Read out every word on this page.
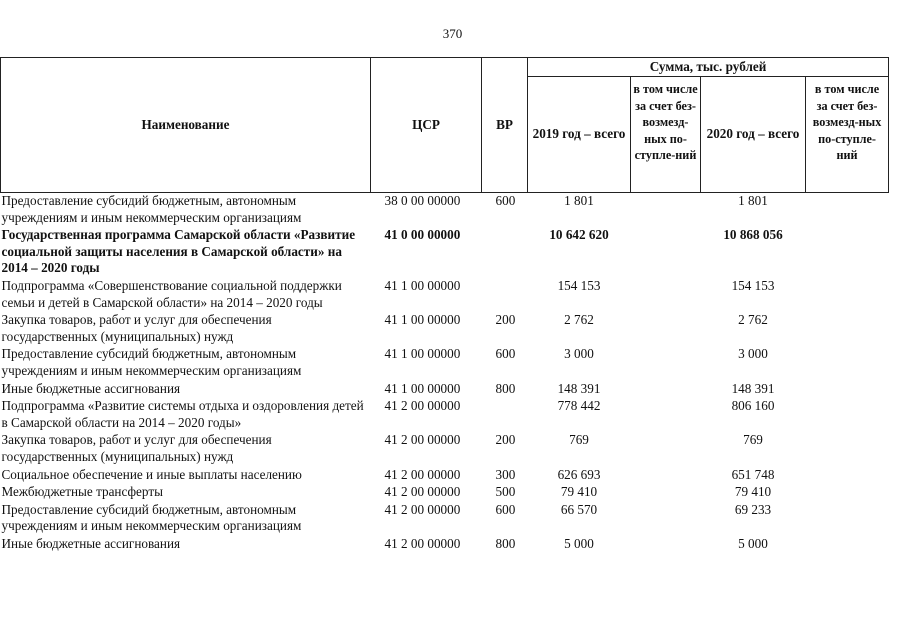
370
Наименование	ЦСР	ВР	Сумма, тыс. рублей			
			2019 год – всего	в том числе за счет без-возмезд-ных по-ступле-ний	2020 год – всего	в том числе за счет без-возмезд-ных по-ступле-ний
Предоставление субсидий бюджетным, автономным учреждениям и иным некоммерческим организациям	38 0 00 00000	600	1 801		1 801	
Государственная программа Самарской области «Развитие социальной защиты населения в Самарской области» на 2014 – 2020 годы	41 0 00 00000		10 642 620		10 868 056	
Подпрограмма «Совершенствование социальной поддержки семьи и детей в Самарской области» на 2014 – 2020 годы	41 1 00 00000		154 153		154 153	
Закупка товаров, работ и услуг для обеспечения государственных (муниципальных) нужд	41 1 00 00000	200	2 762		2 762	
Предоставление субсидий бюджетным, автономным учреждениям и иным некоммерческим организациям	41 1 00 00000	600	3 000		3 000	
Иные бюджетные ассигнования	41 1 00 00000	800	148 391		148 391	
Подпрограмма «Развитие системы отдыха и оздоровления детей в Самарской области на 2014 – 2020 годы»	41 2 00 00000		778 442		806 160	
Закупка товаров, работ и услуг для обеспечения государственных (муниципальных) нужд	41 2 00 00000	200	769		769	
Социальное обеспечение и иные выплаты населению	41 2 00 00000	300	626 693		651 748	
Межбюджетные трансферты	41 2 00 00000	500	79 410		79 410	
Предоставление субсидий бюджетным, автономным учреждениям и иным некоммерческим организациям	41 2 00 00000	600	66 570		69 233	
Иные бюджетные ассигнования	41 2 00 00000	800	5 000		5 000	
